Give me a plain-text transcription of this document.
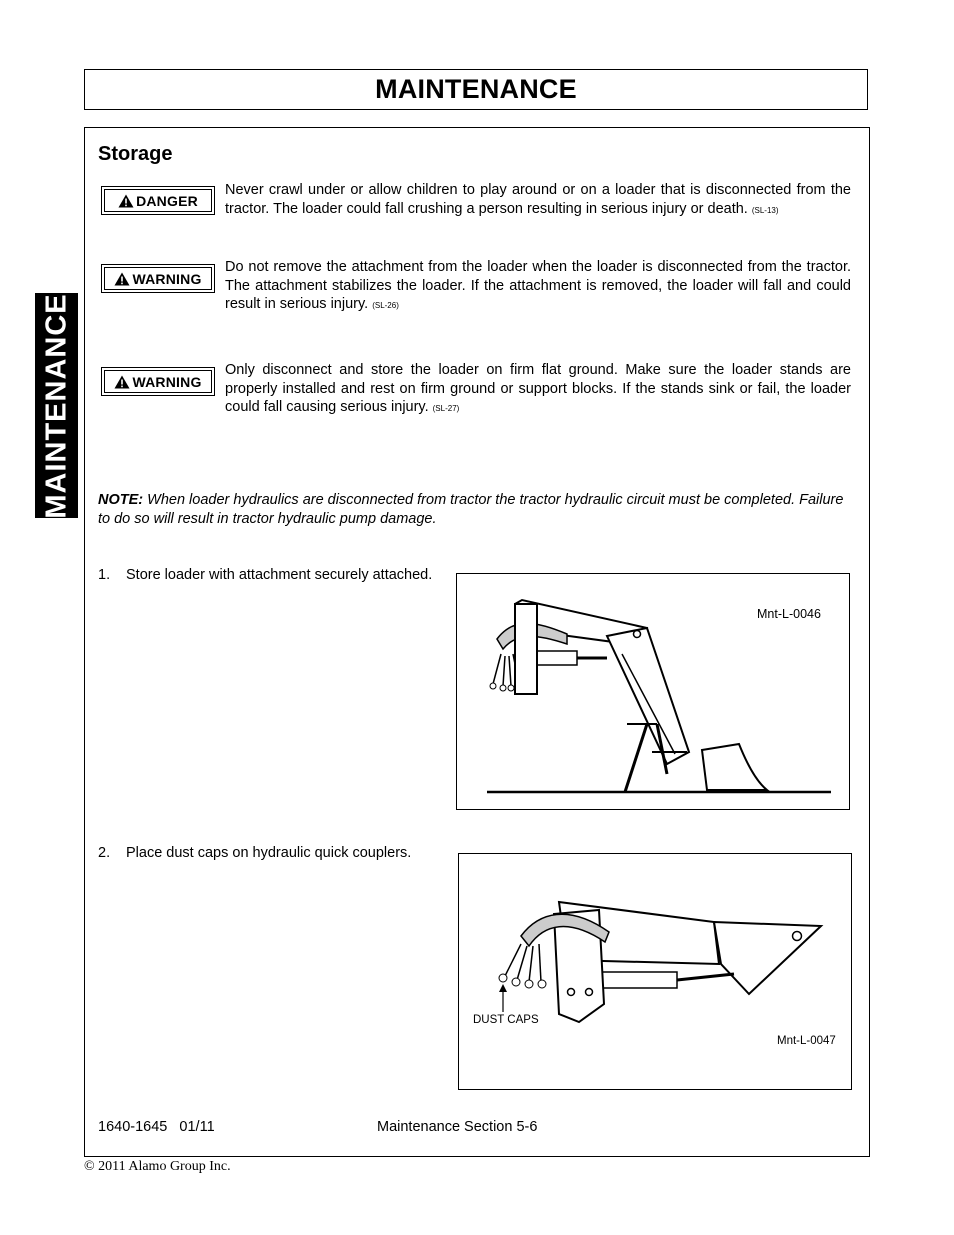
MAINTENANCE
MAINTENANCE
Storage
DANGER
Never crawl under or allow children to play around or on a loader that is disconnected from the tractor. The loader could fall crushing a person resulting in serious injury or death. (SL-13)
WARNING
Do not remove the attachment from the loader when the loader is disconnected from the tractor. The attachment stabilizes the loader. If the attachment is removed, the loader will fall and could result in serious injury. (SL-26)
WARNING
Only disconnect and store the loader on firm flat ground. Make sure the loader stands are properly installed and rest on firm ground or support blocks. If the stands sink or fail, the loader could fall causing serious injury. (SL-27)
NOTE: When loader hydraulics are disconnected from tractor the tractor hydraulic circuit must be completed. Failure to do so will result in tractor hydraulic pump damage.
1. Store loader with attachment securely attached.
Mnt-L-0046
2. Place dust caps on hydraulic quick couplers.
DUST CAPS
Mnt-L-0047
1640-1645   01/11	Maintenance Section 5-6
© 2011 Alamo Group Inc.
